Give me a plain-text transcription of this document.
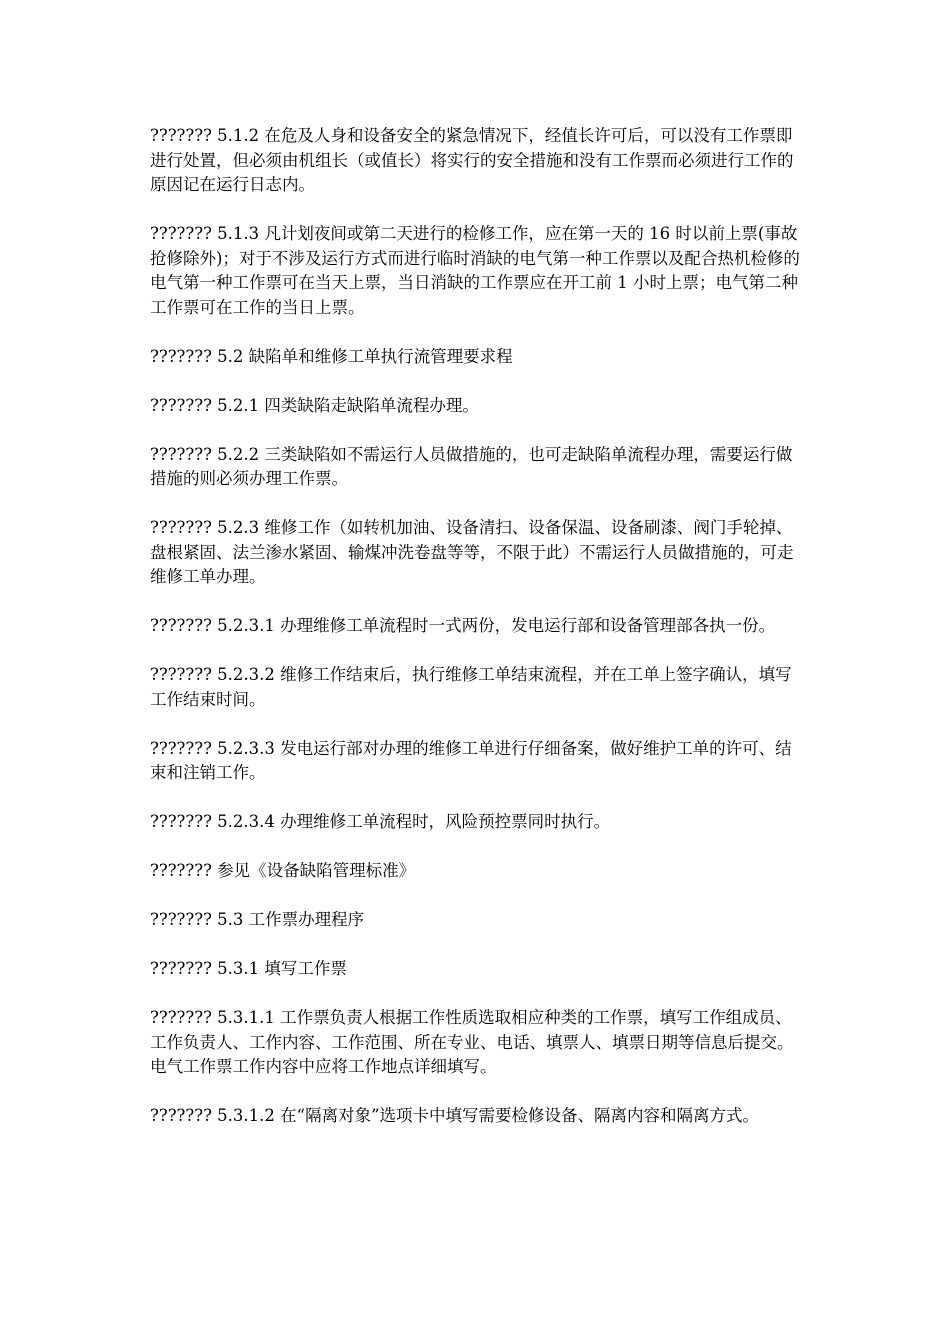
??????? 5.1.2 在危及人身和设备安全的紧急情况下，经值长许可后，可以没有工作票即进行处置，但必须由机组长（或值长）将实行的安全措施和没有工作票而必须进行工作的原因记在运行日志内。

??????? 5.1.3 凡计划夜间或第二天进行的检修工作，应在第一天的 16 时以前上票(事故抢修除外)；对于不涉及运行方式而进行临时消缺的电气第一种工作票以及配合热机检修的电气第一种工作票可在当天上票，当日消缺的工作票应在开工前 1 小时上票；电气第二种工作票可在工作的当日上票。

??????? 5.2 缺陷单和维修工单执行流管理要求程

??????? 5.2.1 四类缺陷走缺陷单流程办理。

??????? 5.2.2 三类缺陷如不需运行人员做措施的，也可走缺陷单流程办理，需要运行做措施的则必须办理工作票。

??????? 5.2.3 维修工作（如转机加油、设备清扫、设备保温、设备刷漆、阀门手轮掉、盘根紧固、法兰渗水紧固、输煤冲洗卷盘等等，不限于此）不需运行人员做措施的，可走维修工单办理。

??????? 5.2.3.1 办理维修工单流程时一式两份，发电运行部和设备管理部各执一份。

??????? 5.2.3.2 维修工作结束后，执行维修工单结束流程，并在工单上签字确认，填写工作结束时间。

??????? 5.2.3.3 发电运行部对办理的维修工单进行仔细备案，做好维护工单的许可、结束和注销工作。

??????? 5.2.3.4 办理维修工单流程时，风险预控票同时执行。

??????? 参见《设备缺陷管理标准》

??????? 5.3 工作票办理程序

??????? 5.3.1 填写工作票

??????? 5.3.1.1 工作票负责人根据工作性质选取相应种类的工作票，填写工作组成员、工作负责人、工作内容、工作范围、所在专业、电话、填票人、填票日期等信息后提交。电气工作票工作内容中应将工作地点详细填写。

??????? 5.3.1.2 在“隔离对象”选项卡中填写需要检修设备、隔离内容和隔离方式。
